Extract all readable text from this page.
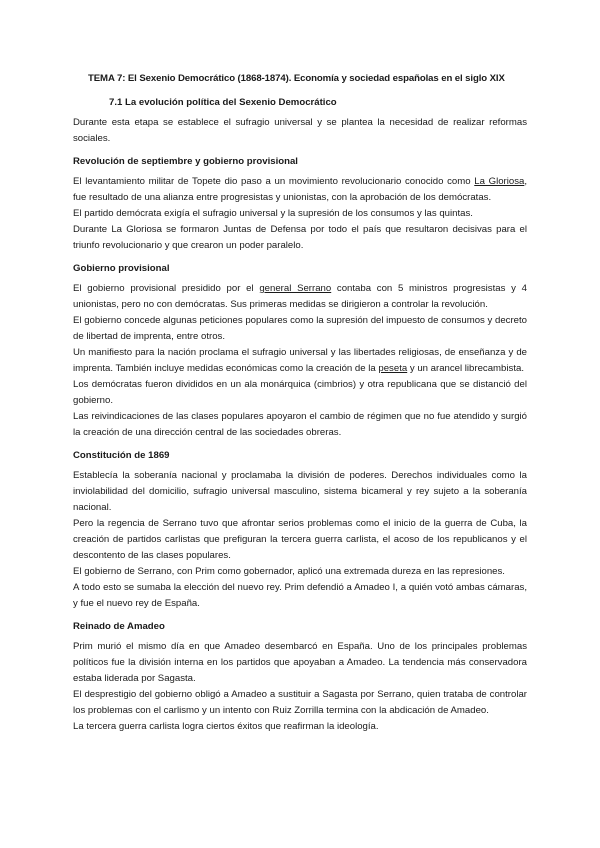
TEMA 7: El Sexenio Democrático (1868-1874). Economía y sociedad españolas en el siglo XIX
7.1 La evolución política del Sexenio Democrático

Durante esta etapa se establece el sufragio universal y se plantea la necesidad de realizar reformas sociales.

Revolución de septiembre y gobierno provisional

El levantamiento militar de Topete dio paso a un movimiento revolucionario conocido como La Gloriosa, fue resultado de una alianza entre progresistas y unionistas, con la aprobación de los demócratas.

El partido demócrata exigía el sufragio universal y la supresión de los consumos y las quintas.

Durante La Gloriosa se formaron Juntas de Defensa por todo el país que resultaron decisivas para el triunfo revolucionario y que crearon un poder paralelo.

Gobierno provisional

El gobierno provisional presidido por el general Serrano contaba con 5 ministros progresistas y 4 unionistas, pero no con demócratas. Sus primeras medidas se dirigieron a controlar la revolución.

El gobierno concede algunas peticiones populares como la supresión del impuesto de consumos y decreto de libertad de imprenta, entre otros.

Un manifiesto para la nación proclama el sufragio universal y las libertades religiosas, de enseñanza y de imprenta. También incluye medidas económicas como la creación de la peseta y un arancel librecambista.

Los demócratas fueron divididos en un ala monárquica (cimbrios) y otra republicana que se distanció del gobierno.

Las reivindicaciones de las clases populares apoyaron el cambio de régimen que no fue atendido y surgió la creación de una dirección central de las sociedades obreras.

Constitución de 1869

Establecía la soberanía nacional y proclamaba la división de poderes. Derechos individuales como la inviolabilidad del domicilio, sufragio universal masculino, sistema bicameral y rey sujeto a la soberanía nacional.

Pero la regencia de Serrano tuvo que afrontar serios problemas como el inicio de la guerra de Cuba, la creación de partidos carlistas que prefiguran la tercera guerra carlista, el acoso de los republicanos y el descontento de las clases populares.

El gobierno de Serrano, con Prim como gobernador, aplicó una extremada dureza en las represiones.

A todo esto se sumaba la elección del nuevo rey. Prim defendió a Amadeo I, a quién votó ambas cámaras, y fue el nuevo rey de España.

Reinado de Amadeo

Prim murió el mismo día en que Amadeo desembarcó en España. Uno de los principales problemas políticos fue la división interna en los partidos que apoyaban a Amadeo. La tendencia más conservadora estaba liderada por Sagasta.

El desprestigio del gobierno obligó a Amadeo a sustituir a Sagasta por Serrano, quien trataba de controlar los problemas con el carlismo y un intento con Ruiz Zorrilla termina con la abdicación de Amadeo.

La tercera guerra carlista logra ciertos éxitos que reafirman la ideología.
